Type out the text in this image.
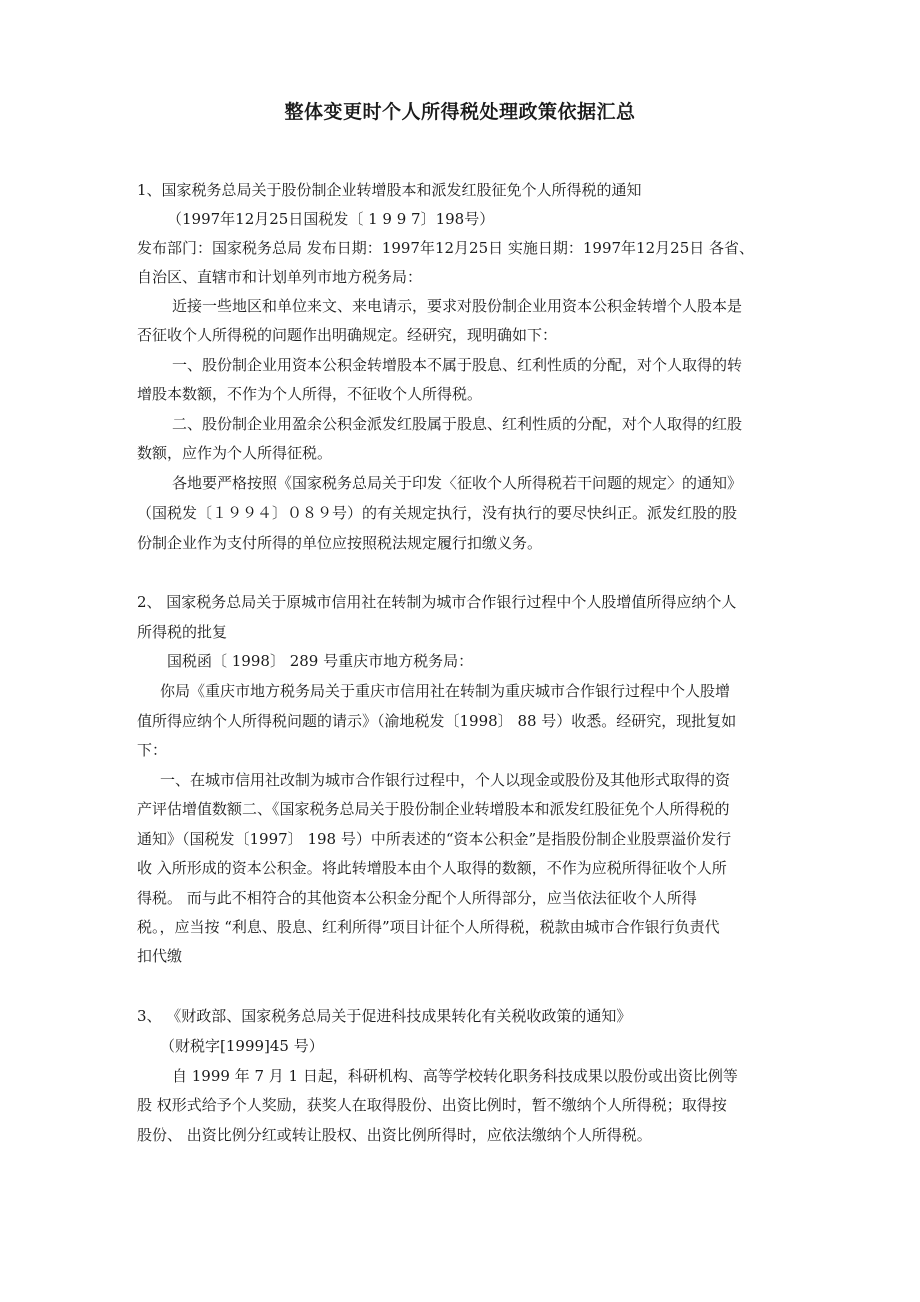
整体变更时个人所得税处理政策依据汇总
1、国家税务总局关于股份制企业转增股本和派发红股征免个人所得税的通知
（1997年12月25日国税发〔 1 9 9 7〕198号）
发布部门：国家税务总局 发布日期：1997年12月25日 实施日期：1997年12月25日 各省、
自治区、直辖市和计划单列市地方税务局：
近接一些地区和单位来文、来电请示，要求对股份制企业用资本公积金转增个人股本是
否征收个人所得税的问题作出明确规定。经研究，现明确如下：
一、股份制企业用资本公积金转增股本不属于股息、红利性质的分配，对个人取得的转
增股本数额，不作为个人所得，不征收个人所得税。
二、股份制企业用盈余公积金派发红股属于股息、红利性质的分配，对个人取得的红股
数额，应作为个人所得征税。
各地要严格按照《国家税务总局关于印发〈征收个人所得税若干问题的规定〉的通知》
（国税发〔１９９４〕０８９号）的有关规定执行，没有执行的要尽快纠正。派发红股的股
份制企业作为支付所得的单位应按照税法规定履行扣缴义务。
2、 国家税务总局关于原城市信用社在转制为城市合作银行过程中个人股增值所得应纳个人
所得税的批复
国税函〔 1998〕 289 号重庆市地方税务局：
你局《重庆市地方税务局关于重庆市信用社在转制为重庆城市合作银行过程中个人股增
值所得应纳个人所得税问题的请示》（渝地税发〔1998〕 88 号）收悉。经研究，现批复如
下：
一、在城市信用社改制为城市合作银行过程中，个人以现金或股份及其他形式取得的资
产评估增值数额二、《国家税务总局关于股份制企业转增股本和派发红股征免个人所得税的
通知》（国税发〔1997〕 198 号）中所表述的“资本公积金”是指股份制企业股票溢价发行
收 入所形成的资本公积金。将此转增股本由个人取得的数额，不作为应税所得征收个人所
得税。 而与此不相符合的其他资本公积金分配个人所得部分，应当依法征收个人所得
税。，应当按 “利息、股息、红利所得”项目计征个人所得税，税款由城市合作银行负责代
扣代缴
3、 《财政部、国家税务总局关于促进科技成果转化有关税收政策的通知》
（财税字[1999]45 号）
自 1999 年 7 月 1 日起，科研机构、高等学校转化职务科技成果以股份或出资比例等
股 权形式给予个人奖励，获奖人在取得股份、出资比例时，暂不缴纳个人所得税；取得按
股份、 出资比例分红或转让股权、出资比例所得时，应依法缴纳个人所得税。
